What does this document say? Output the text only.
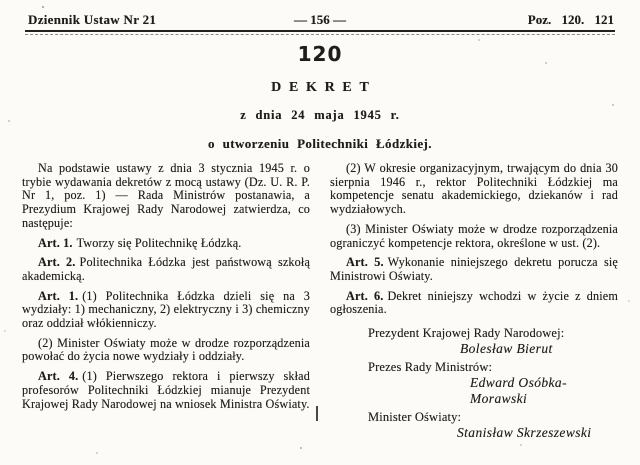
Dziennik Ustaw Nr 21	— 156 —	Poz. 120. 121
120
DEKRET
z dnia 24 maja 1945 r.
o utworzeniu Politechniki Łódzkiej.

Na podstawie ustawy z dnia 3 stycznia 1945 r. o trybie wydawania dekretów z mocą ustawy (Dz. U. R. P. Nr 1, poz. 1) — Rada Ministrów postanawia, a Prezydium Krajowej Rady Narodowej zatwierdza, co następuje:

Art. 1. Tworzy się Politechnikę Łódzką.

Art. 2. Politechnika Łódzka jest państwową szkołą akademicką.

Art. 1. (1) Politechnika Łódzka dzieli się na 3 wydziały: 1) mechaniczny, 2) elektryczny i 3) chemiczny oraz oddział włókienniczy.

(2) Minister Oświaty może w drodze rozporządzenia powołać do życia nowe wydziały i oddziały.

Art. 4. (1) Pierwszego rektora i pierwszy skład profesorów Politechniki Łódzkiej mianuje Prezydent Krajowej Rady Narodowej na wniosek Ministra Oświaty.

(2) W okresie organizacyjnym, trwającym do dnia 30 sierpnia 1946 r., rektor Politechniki Łódzkiej ma kompetencje senatu akademickiego, dziekanów i rad wydziałowych.

(3) Minister Oświaty może w drodze rozporządzenia ograniczyć kompetencje rektora, określone w ust. (2).

Art. 5. Wykonanie niniejszego dekretu porucza się Ministrowi Oświaty.

Art. 6. Dekret niniejszy wchodzi w życie z dniem ogłoszenia.

Prezydent Krajowej Rady Narodowej:
Bolesław Bierut
Prezes Rady Ministrów:
Edward Osóbka-Morawski
Minister Oświaty:
Stanisław Skrzeszewski
